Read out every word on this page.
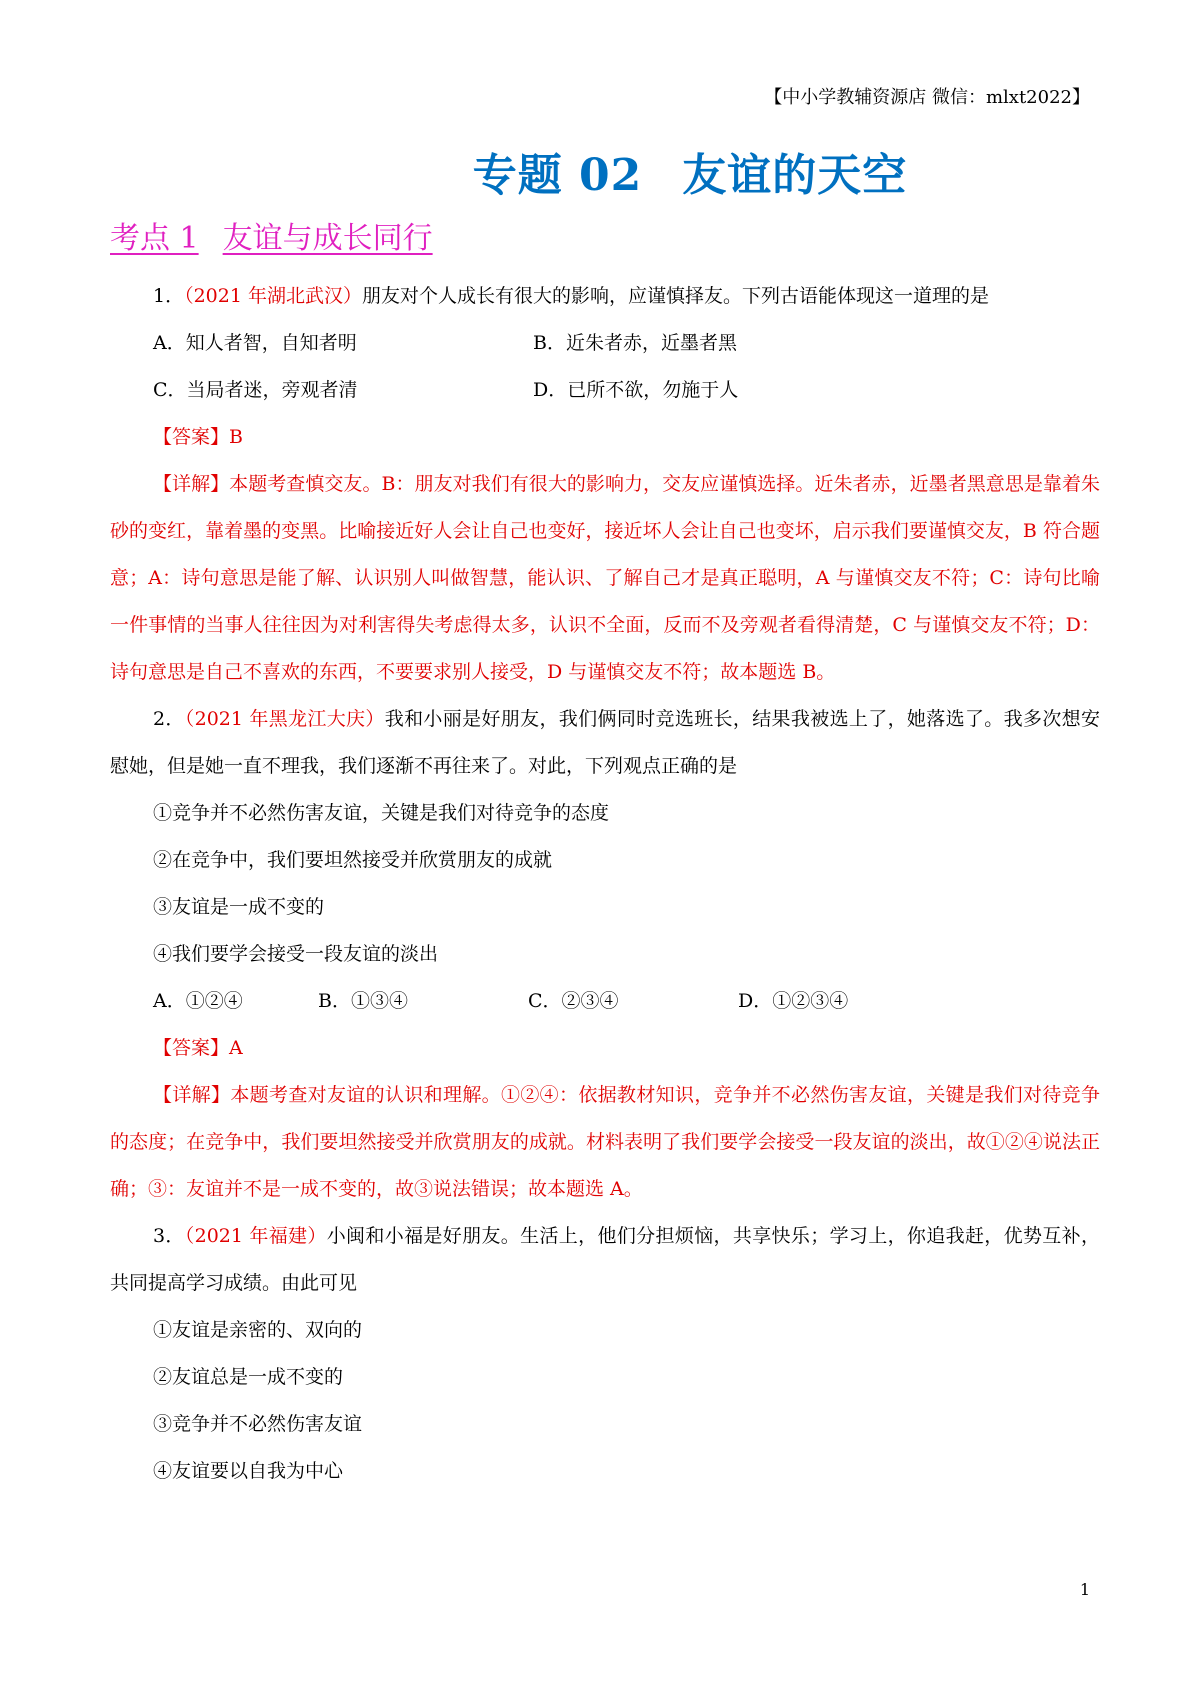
【中小学教辅资源店 微信：mlxt2022】
专题 02 友谊的天空
考点 1 友谊与成长同行
1．（2021 年湖北武汉）朋友对个人成长有很大的影响，应谨慎择友。下列古语能体现这一道理的是
A．知人者智，自知者明	B．近朱者赤，近墨者黑
C．当局者迷，旁观者清	D．已所不欲，勿施于人
【答案】B
【详解】本题考查慎交友。B：朋友对我们有很大的影响力，交友应谨慎选择。近朱者赤，近墨者黑意思是靠着朱砂的变红，靠着墨的变黑。比喻接近好人会让自己也变好，接近坏人会让自己也变坏，启示我们要谨慎交友，B 符合题意；A：诗句意思是能了解、认识别人叫做智慧，能认识、了解自己才是真正聪明，A 与谨慎交友不符；C：诗句比喻一件事情的当事人往往因为对利害得失考虑得太多，认识不全面，反而不及旁观者看得清楚，C 与谨慎交友不符；D：诗句意思是自己不喜欢的东西，不要要求别人接受，D 与谨慎交友不符；故本题选 B。
2．（2021 年黑龙江大庆）我和小丽是好朋友，我们俩同时竞选班长，结果我被选上了，她落选了。我多次想安慰她，但是她一直不理我，我们逐渐不再往来了。对此，下列观点正确的是
①竞争并不必然伤害友谊，关键是我们对待竞争的态度
②在竞争中，我们要坦然接受并欣赏朋友的成就
③友谊是一成不变的
④我们要学会接受一段友谊的淡出
A．①②④	B．①③④	C．②③④	D．①②③④
【答案】A
【详解】本题考查对友谊的认识和理解。①②④：依据教材知识，竞争并不必然伤害友谊，关键是我们对待竞争的态度；在竞争中，我们要坦然接受并欣赏朋友的成就。材料表明了我们要学会接受一段友谊的淡出，故①②④说法正确；③：友谊并不是一成不变的，故③说法错误；故本题选 A。
3．（2021 年福建）小闽和小福是好朋友。生活上，他们分担烦恼，共享快乐；学习上，你追我赶，优势互补，共同提高学习成绩。由此可见
①友谊是亲密的、双向的
②友谊总是一成不变的
③竞争并不必然伤害友谊
④友谊要以自我为中心
1
